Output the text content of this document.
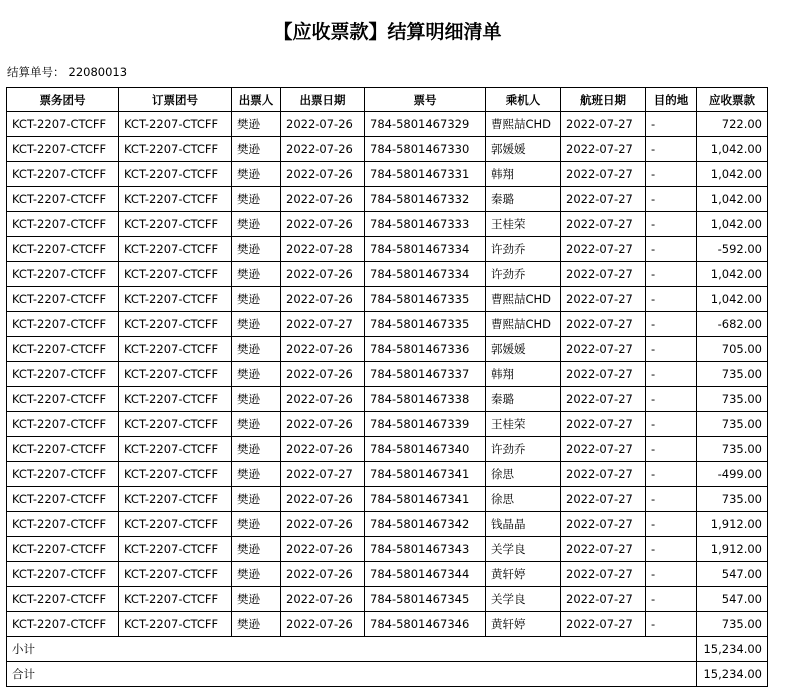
【应收票款】结算明细清单
结算单号： 22080013
票务团号	订票团号	出票人	出票日期	票号	乘机人	航班日期	目的地	应收票款
KCT-2207-CTCFF	KCT-2207-CTCFF	樊逊	2022-07-26	784-5801467329	曹熙喆CHD	2022-07-27	-	722.00
KCT-2207-CTCFF	KCT-2207-CTCFF	樊逊	2022-07-26	784-5801467330	郭媛媛	2022-07-27	-	1,042.00
KCT-2207-CTCFF	KCT-2207-CTCFF	樊逊	2022-07-26	784-5801467331	韩翔	2022-07-27	-	1,042.00
KCT-2207-CTCFF	KCT-2207-CTCFF	樊逊	2022-07-26	784-5801467332	秦璐	2022-07-27	-	1,042.00
KCT-2207-CTCFF	KCT-2207-CTCFF	樊逊	2022-07-26	784-5801467333	王桂荣	2022-07-27	-	1,042.00
KCT-2207-CTCFF	KCT-2207-CTCFF	樊逊	2022-07-28	784-5801467334	许劲乔	2022-07-27	-	-592.00
KCT-2207-CTCFF	KCT-2207-CTCFF	樊逊	2022-07-26	784-5801467334	许劲乔	2022-07-27	-	1,042.00
KCT-2207-CTCFF	KCT-2207-CTCFF	樊逊	2022-07-26	784-5801467335	曹熙喆CHD	2022-07-27	-	1,042.00
KCT-2207-CTCFF	KCT-2207-CTCFF	樊逊	2022-07-27	784-5801467335	曹熙喆CHD	2022-07-27	-	-682.00
KCT-2207-CTCFF	KCT-2207-CTCFF	樊逊	2022-07-26	784-5801467336	郭媛媛	2022-07-27	-	705.00
KCT-2207-CTCFF	KCT-2207-CTCFF	樊逊	2022-07-26	784-5801467337	韩翔	2022-07-27	-	735.00
KCT-2207-CTCFF	KCT-2207-CTCFF	樊逊	2022-07-26	784-5801467338	秦璐	2022-07-27	-	735.00
KCT-2207-CTCFF	KCT-2207-CTCFF	樊逊	2022-07-26	784-5801467339	王桂荣	2022-07-27	-	735.00
KCT-2207-CTCFF	KCT-2207-CTCFF	樊逊	2022-07-26	784-5801467340	许劲乔	2022-07-27	-	735.00
KCT-2207-CTCFF	KCT-2207-CTCFF	樊逊	2022-07-27	784-5801467341	徐思	2022-07-27	-	-499.00
KCT-2207-CTCFF	KCT-2207-CTCFF	樊逊	2022-07-26	784-5801467341	徐思	2022-07-27	-	735.00
KCT-2207-CTCFF	KCT-2207-CTCFF	樊逊	2022-07-26	784-5801467342	钱晶晶	2022-07-27	-	1,912.00
KCT-2207-CTCFF	KCT-2207-CTCFF	樊逊	2022-07-26	784-5801467343	关学良	2022-07-27	-	1,912.00
KCT-2207-CTCFF	KCT-2207-CTCFF	樊逊	2022-07-26	784-5801467344	黄轩婷	2022-07-27	-	547.00
KCT-2207-CTCFF	KCT-2207-CTCFF	樊逊	2022-07-26	784-5801467345	关学良	2022-07-27	-	547.00
KCT-2207-CTCFF	KCT-2207-CTCFF	樊逊	2022-07-26	784-5801467346	黄轩婷	2022-07-27	-	735.00
小计								15,234.00
合计								15,234.00
